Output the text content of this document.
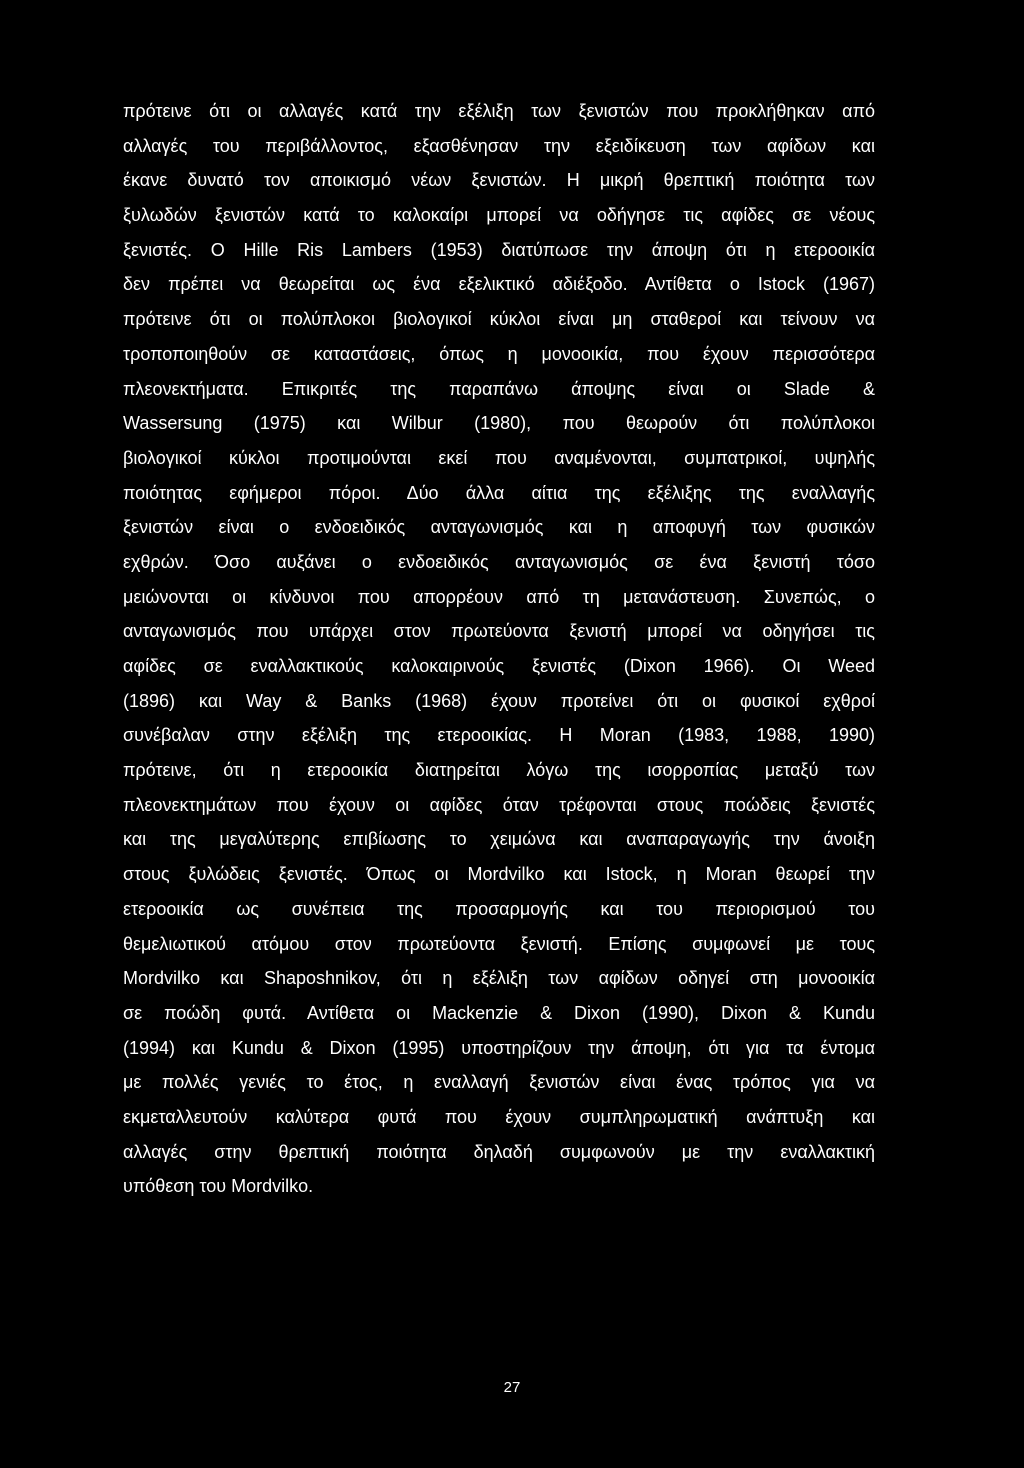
πρότεινε ότι οι αλλαγές κατά την εξέλιξη των ξενιστών που προκλήθηκαν από
αλλαγές του περιβάλλοντος, εξασθένησαν την εξειδίκευση των αφίδων και
έκανε δυνατό τον αποικισμό νέων ξενιστών. Η μικρή θρεπτική ποιότητα των
ξυλωδών ξενιστών κατά το καλοκαίρι μπορεί να οδήγησε τις αφίδες σε νέους
ξενιστές. Ο Hille Ris Lambers (1953) διατύπωσε την άποψη ότι η ετεροοικία
δεν πρέπει να θεωρείται ως ένα εξελικτικό αδιέξοδο. Αντίθετα ο Istock (1967)
πρότεινε ότι οι πολύπλοκοι βιολογικοί κύκλοι είναι μη σταθεροί και τείνουν να
τροποποιηθούν σε καταστάσεις, όπως η μονοοικία, που έχουν περισσότερα
πλεονεκτήματα. Επικριτές της παραπάνω άποψης είναι οι Slade &
Wassersung (1975) και Wilbur (1980), που θεωρούν ότι πολύπλοκοι
βιολογικοί κύκλοι προτιμούνται εκεί που αναμένονται, συμπατρικοί, υψηλής
ποιότητας εφήμεροι πόροι. Δύο άλλα αίτια της εξέλιξης της εναλλαγής
ξενιστών είναι ο ενδοειδικός ανταγωνισμός και η αποφυγή των φυσικών
εχθρών. Όσο αυξάνει ο ενδοειδικός ανταγωνισμός σε ένα ξενιστή τόσο
μειώνονται οι κίνδυνοι που απορρέουν από τη μετανάστευση. Συνεπώς, ο
ανταγωνισμός που υπάρχει στον πρωτεύοντα ξενιστή μπορεί να οδηγήσει τις
αφίδες σε εναλλακτικούς καλοκαιρινούς ξενιστές (Dixon 1966). Οι Weed
(1896) και Way & Banks (1968) έχουν προτείνει ότι οι φυσικοί εχθροί
συνέβαλαν στην εξέλιξη της ετεροοικίας. Η Moran (1983, 1988, 1990)
πρότεινε, ότι η ετεροοικία διατηρείται λόγω της ισορροπίας μεταξύ των
πλεονεκτημάτων που έχουν οι αφίδες όταν τρέφονται στους ποώδεις ξενιστές
και της μεγαλύτερης επιβίωσης το χειμώνα και αναπαραγωγής την άνοιξη
στους ξυλώδεις ξενιστές. Όπως οι Mordvilko και Istock, η Moran θεωρεί την
ετεροοικία ως συνέπεια της προσαρμογής και του περιορισμού του
θεμελιωτικού ατόμου στον πρωτεύοντα ξενιστή. Επίσης συμφωνεί με τους
Mordvilko και Shaposhnikov, ότι η εξέλιξη των αφίδων οδηγεί στη μονοοικία
σε ποώδη φυτά. Αντίθετα οι Mackenzie & Dixon (1990), Dixon & Kundu
(1994) και Kundu & Dixon (1995) υποστηρίζουν την άποψη, ότι για τα έντομα
με πολλές γενιές το έτος, η εναλλαγή ξενιστών είναι ένας τρόπος για να
εκμεταλλευτούν καλύτερα φυτά που έχουν συμπληρωματική ανάπτυξη και
αλλαγές στην θρεπτική ποιότητα δηλαδή συμφωνούν με την εναλλακτική
υπόθεση του Mordvilko.
27
